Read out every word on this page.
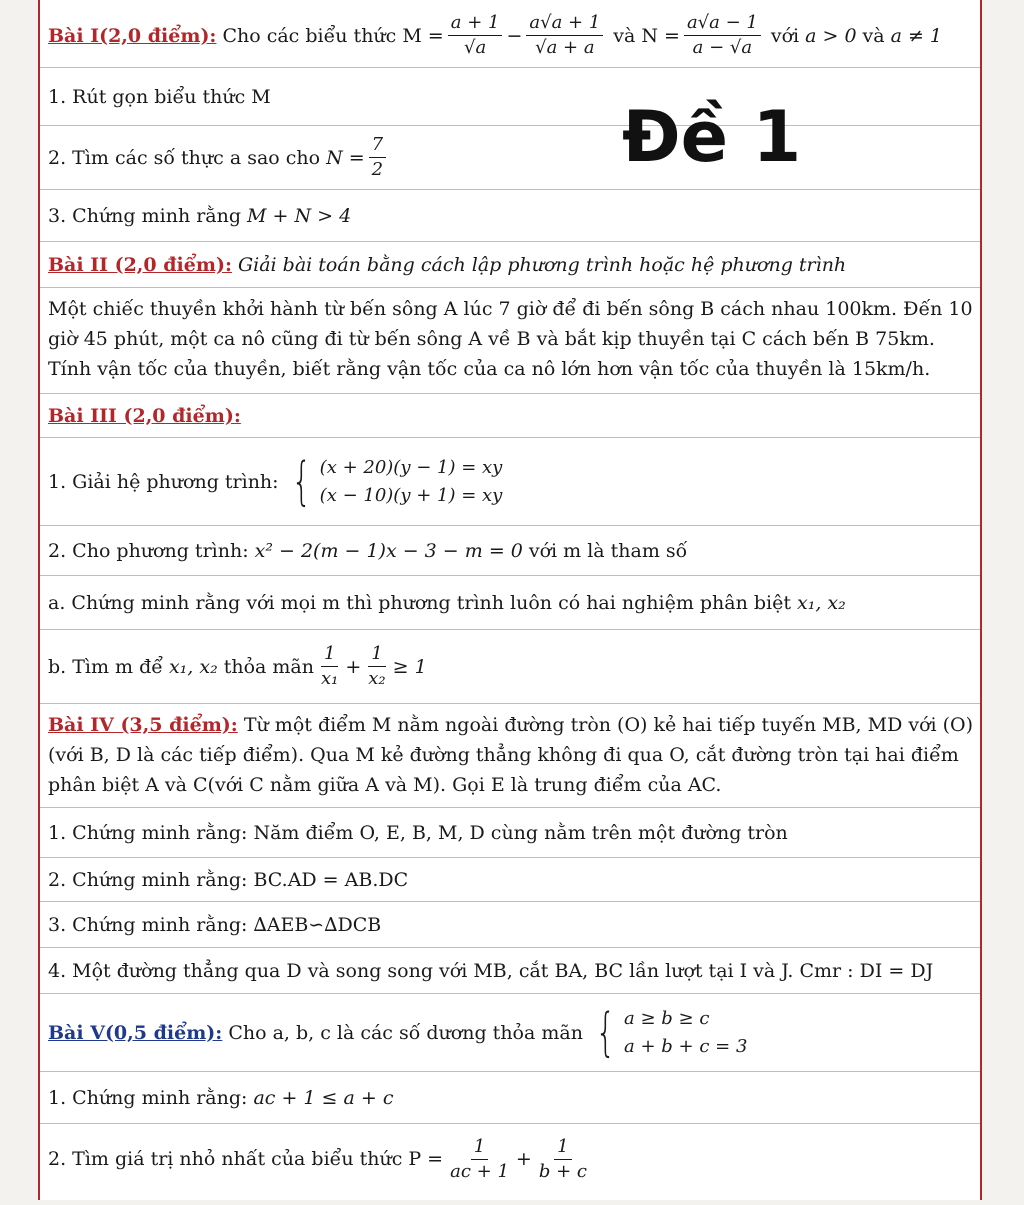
Bài I(2,0 điểm): Cho các biểu thức $M = \frac{a + 1}{√a} - \frac{a√a + 1}{√a + a}$ và $N = \frac{a√a - 1}{a - √a}$ với a > 0 và a ≠ 1
1. Rút gọn biểu thức M
2. Tìm các số thực a sao cho $N = \frac{7}{2}$
3. Chứng minh rằng M + N > 4
Đề 1
Bài II (2,0 điểm): Giải bài toán bằng cách lập phương trình hoặc hệ phương trình
Một chiếc thuyền khởi hành từ bến sông A lúc 7 giờ để đi bến sông B cách nhau 100km. Đến 10 giờ 45 phút, một ca nô cũng đi từ bến sông A về B và bắt kịp thuyền tại C cách bến B 75km. Tính vận tốc của thuyền, biết rằng vận tốc của ca nô lớn hơn vận tốc của thuyền là 15km/h.
Bài III (2,0 điểm):
1. Giải hệ phương trình: { (x + 20)(y − 1) = xy
(x − 10)(y + 1) = xy
2. Cho phương trình: x² − 2(m − 1)x − 3 − m = 0 với m là tham số
a. Chứng minh rằng với mọi m thì phương trình luôn có hai nghiệm phân biệt x₁, x₂
b. Tìm m để x₁, x₂ thỏa mãn $\frac{1}{\text{x₁}} + \frac{1}{\text{x₂}} \ge 1$
Bài IV (3,5 điểm): Từ một điểm M nằm ngoài đường tròn (O) kẻ hai tiếp tuyến MB, MD với (O)(với B, D là các tiếp điểm). Qua M kẻ đường thẳng không đi qua O, cắt đường tròn tại hai điểm phân biệt A và C(với C nằm giữa A và M). Gọi E là trung điểm của AC.
1. Chứng minh rằng: Năm điểm O, E, B, M, D cùng nằm trên một đường tròn
2. Chứng minh rằng: BC.AD = AB.DC
3. Chứng minh rằng: ∆AEB∽∆DCB
4. Một đường thẳng qua D và song song với MB, cắt BA, BC lần lượt tại I và J. Cmr : DI = DJ
Bài V(0,5 điểm): Cho a, b, c là các số dương thỏa mãn { a ≥ b ≥ c
a + b + c = 3
1. Chứng minh rằng: ac + 1 ≤ a + c
2. Tìm giá trị nhỏ nhất của biểu thức $P = \frac{1}{ac + 1} + \frac{1}{b + c}$
